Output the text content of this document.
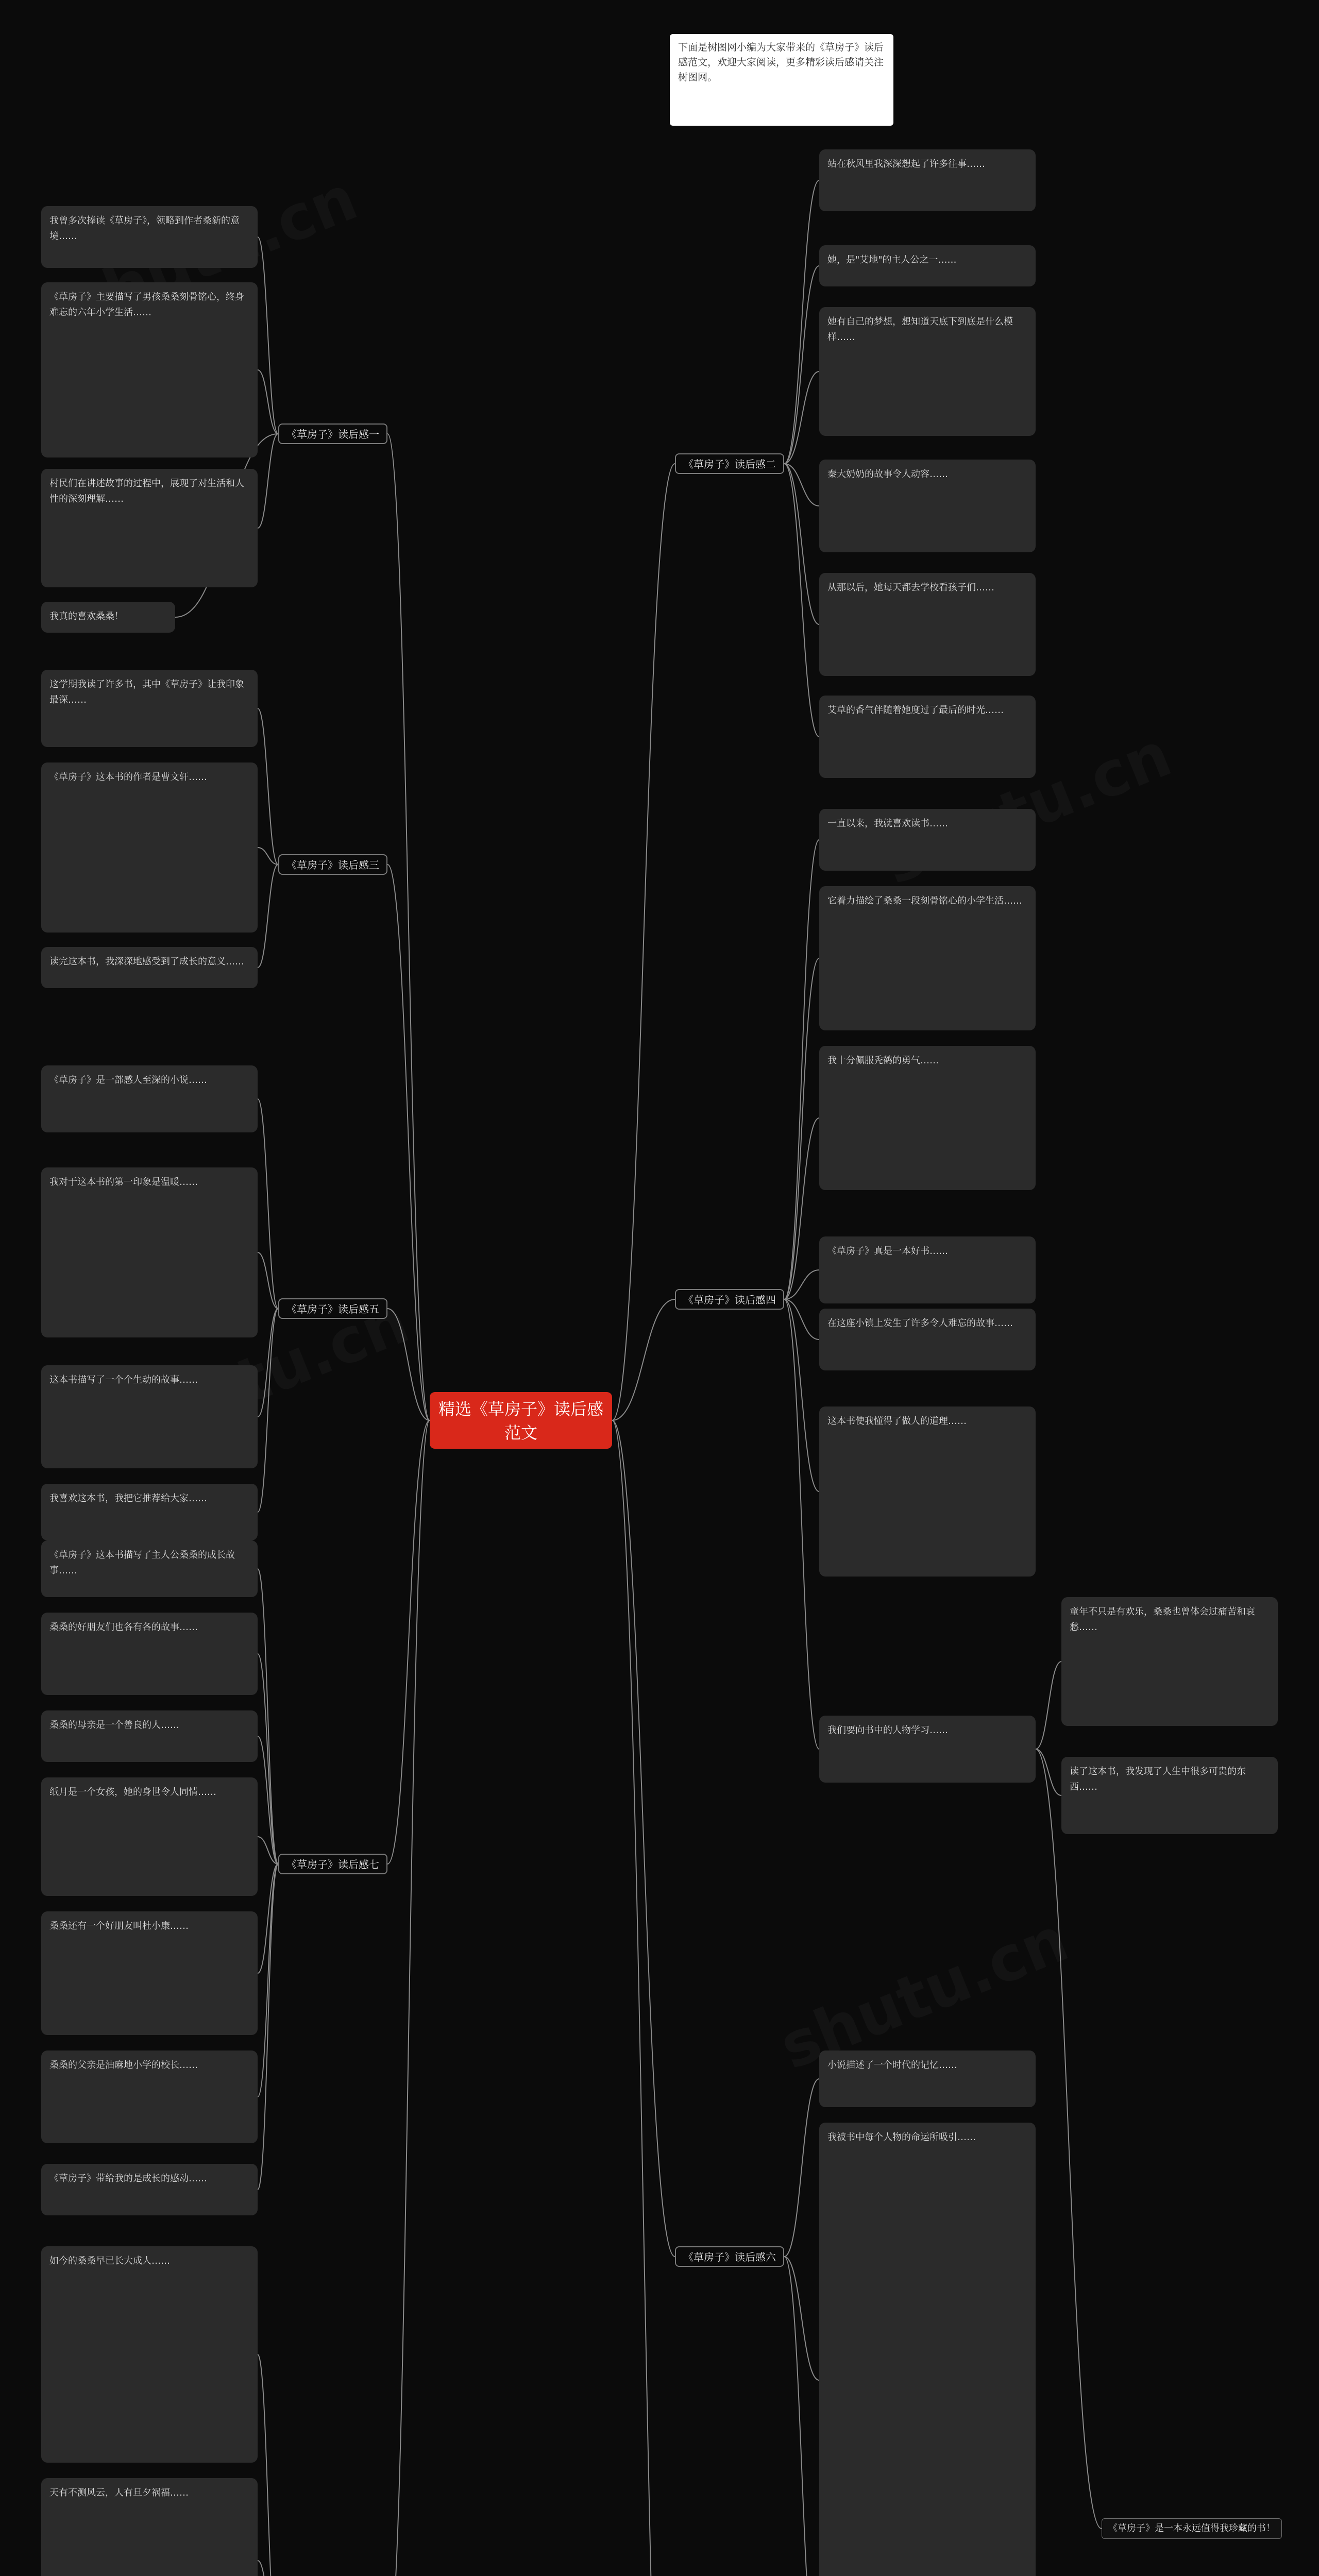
精选《草房子》读后感范文
下面是树图网小编为大家带来的《草房子》读后感范文，欢迎大家阅读，更多精彩读后感请关注树图网。
《草房子》读后感一
我曾多次捧读《草房子》，领略到作者桑新的意境……
《草房子》主要描写了男孩桑桑刻骨铭心，终身难忘的六年小学生活……
村民们在讲述故事的过程中，展现了对生活和人性的深刻理解……
我真的喜欢桑桑！
《草房子》读后感二
站在秋风里我深深想起了许多往事……
她，是"艾地"的主人公之一……
她有自己的梦想，想知道天底下到底是什么模样……
秦大奶奶的故事令人动容……
从那以后，她每天都去学校看孩子们……
艾草的香气伴随着她度过了最后的时光……
《草房子》读后感三
这学期我读了许多书，其中《草房子》让我印象最深……
《草房子》这本书的作者是曹文轩……
读完这本书，我深深地感受到了成长的意义……
《草房子》读后感四
一直以来，我就喜欢读书……
它着力描绘了桑桑一段刻骨铭心的小学生活……
我十分佩服秃鹤的勇气……
《草房子》真是一本好书……
在这座小镇上发生了许多令人难忘的故事……
这本书使我懂得了做人的道理……
我们要向书中的人物学习……
童年不只是有欢乐，桑桑也曾体会过痛苦和哀愁……
读了这本书，我发现了人生中很多可贵的东西……
《草房子》是一本永远值得我珍藏的书！
《草房子》读后感五
《草房子》是一部感人至深的小说……
我对于这本书的第一印象是温暖……
这本书描写了一个个生动的故事……
我喜欢这本书，我把它推荐给大家……
《草房子》读后感六
小说描述了一个时代的记忆……
我被书中每个人物的命运所吸引……
《草房子》读后感七
《草房子》这本书描写了主人公桑桑的成长故事……
桑桑的好朋友们也各有各的故事……
桑桑的母亲是一个善良的人……
纸月是一个女孩，她的身世令人同情……
桑桑还有一个好朋友叫杜小康……
桑桑的父亲是油麻地小学的校长……
《草房子》带给我的是成长的感动……
如今的桑桑早已长大成人……
天有不测风云，人有旦夕祸福……
